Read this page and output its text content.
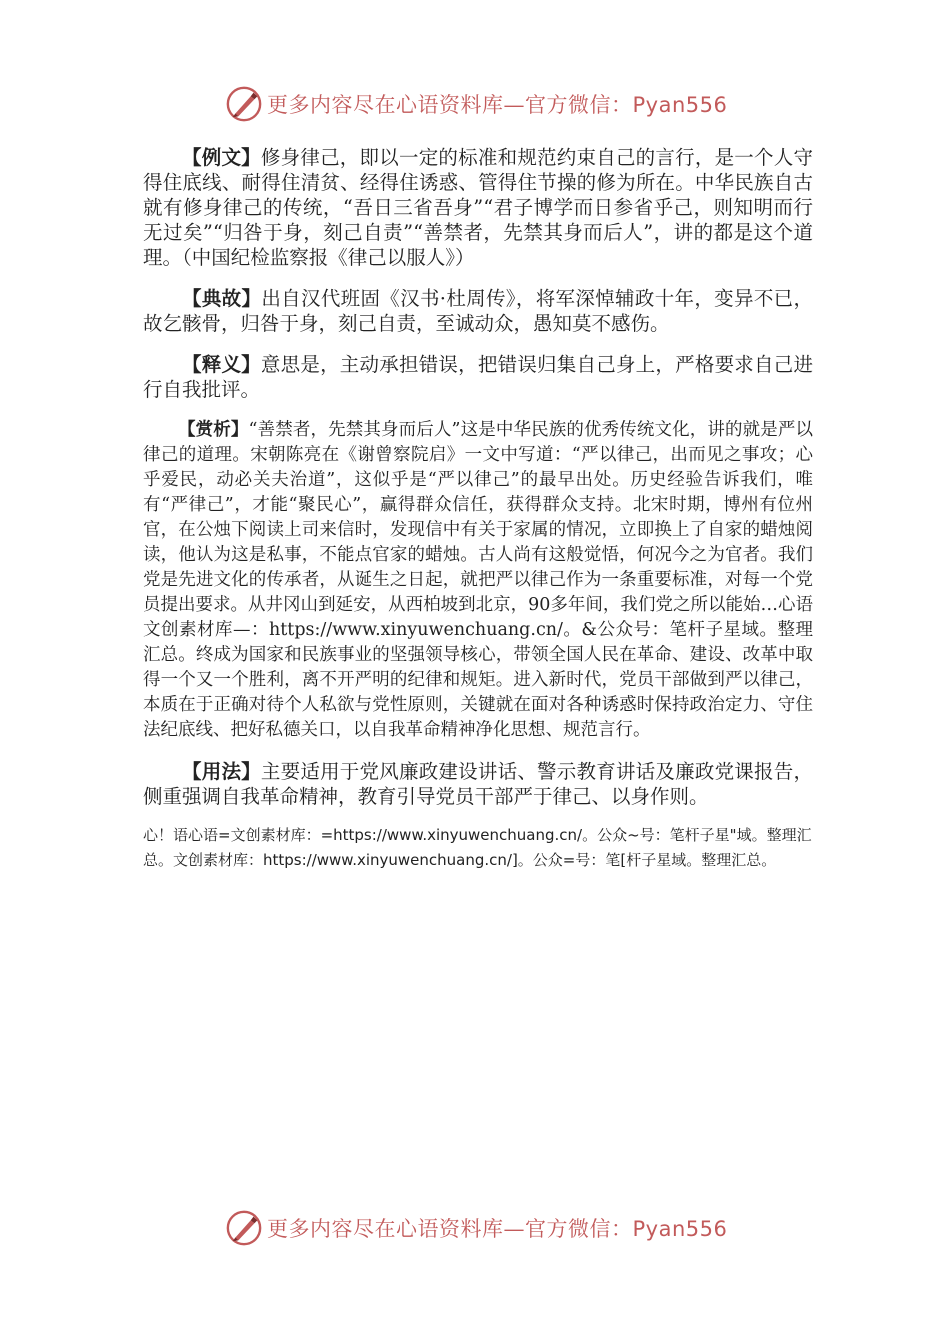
更多内容尽在心语资料库—官方微信：Pyan556

【例文】修身律己，即以一定的标准和规范约束自己的言行，是一个人守得住底线、耐得住清贫、经得住诱惑、管得住节操的修为所在。中华民族自古就有修身律己的传统，“吾日三省吾身”“君子博学而日参省乎己，则知明而行无过矣”“归咎于身，刻己自责”“善禁者，先禁其身而后人”，讲的都是这个道理。（中国纪检监察报《律己以服人》）

【典故】出自汉代班固《汉书·杜周传》，将军深悼辅政十年，变异不已，故乞骸骨，归咎于身，刻己自责，至诚动众，愚知莫不感伤。

【释义】意思是，主动承担错误，把错误归集自己身上，严格要求自己进行自我批评。

【赏析】“善禁者，先禁其身而后人”这是中华民族的优秀传统文化，讲的就是严以律己的道理。宋朝陈亮在《谢曾察院启》一文中写道：“严以律己，出而见之事攻；心乎爱民，动必关夫治道”，这似乎是“严以律己”的最早出处。历史经验告诉我们，唯有“严律己”，才能“聚民心”，赢得群众信任，获得群众支持。北宋时期，博州有位州官，在公烛下阅读上司来信时，发现信中有关于家属的情况，立即换上了自家的蜡烛阅读，他认为这是私事，不能点官家的蜡烛。古人尚有这般觉悟，何况今之为官者。我们党是先进文化的传承者，从诞生之日起，就把严以律己作为一条重要标准，对每一个党员提出要求。从井冈山到延安，从西柏坡到北京，90多年间，我们党之所以能始…心语文创素材库—：https://www.xinyuwenchuang.cn/。&公众号：笔杆子星域。整理汇总。终成为国家和民族事业的坚强领导核心，带领全国人民在革命、建设、改革中取得一个又一个胜利，离不开严明的纪律和规矩。进入新时代，党员干部做到严以律己，本质在于正确对待个人私欲与党性原则，关键就在面对各种诱惑时保持政治定力、守住法纪底线、把好私德关口，以自我革命精神净化思想、规范言行。

【用法】主要适用于党风廉政建设讲话、警示教育讲话及廉政党课报告，侧重强调自我革命精神，教育引导党员干部严于律己、以身作则。

心！语心语=文创素材库：=https://www.xinyuwenchuang.cn/。公众~号：笔杆子星"域。整理汇总。文创素材库：https://www.xinyuwenchuang.cn/]。公众=号：笔[杆子星域。整理汇总。

更多内容尽在心语资料库—官方微信：Pyan556
